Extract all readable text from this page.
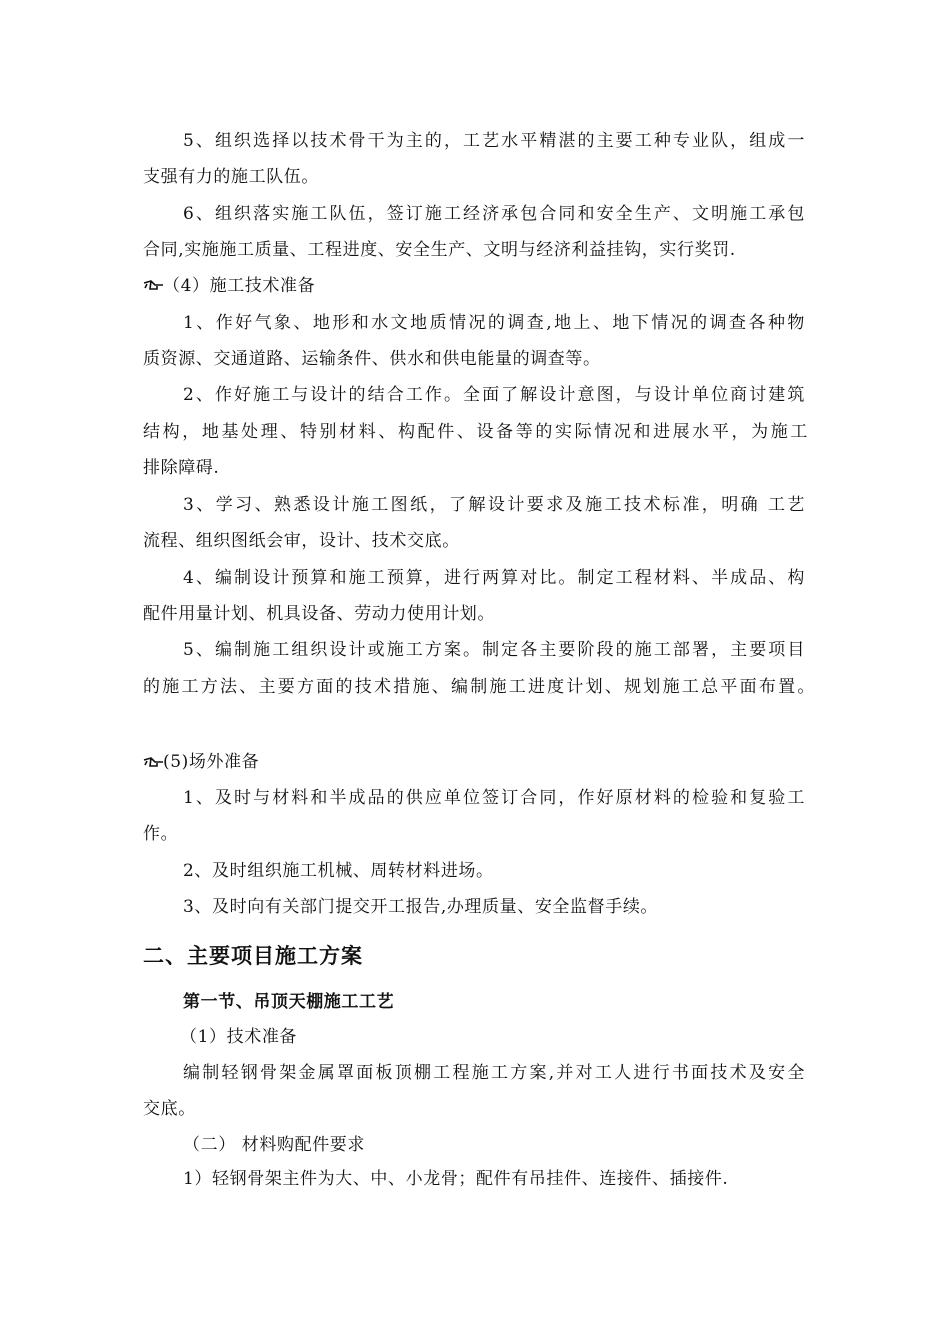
5、组织选择以技术骨干为主的，工艺水平精湛的主要工种专业队，组成一
支强有力的施工队伍。
6、组织落实施工队伍，签订施工经济承包合同和安全生产、文明施工承包
合同,实施施工质量、工程进度、安全生产、文明与经济利益挂钩，实行奖罚.
（4）施工技术准备
1、作好气象、地形和水文地质情况的调查,地上、地下情况的调查各种物
质资源、交通道路、运输条件、供水和供电能量的调查等。
2、作好施工与设计的结合工作。全面了解设计意图，与设计单位商讨建筑
结构，地基处理、特别材料、构配件、设备等的实际情况和进展水平，为施工
排除障碍.
3、学习、熟悉设计施工图纸，了解设计要求及施工技术标准，明确 工艺
流程、组织图纸会审，设计、技术交底。
4、编制设计预算和施工预算，进行两算对比。制定工程材料、半成品、构
配件用量计划、机具设备、劳动力使用计划。
5、编制施工组织设计或施工方案。制定各主要阶段的施工部署，主要项目
的施工方法、主要方面的技术措施、编制施工进度计划、规划施工总平面布置。
(5)场外准备
1、及时与材料和半成品的供应单位签订合同，作好原材料的检验和复验工
作。
2、及时组织施工机械、周转材料进场。
3、及时向有关部门提交开工报告,办理质量、安全监督手续。
二、主要项目施工方案
第一节、吊顶天棚施工工艺
（1）技术准备
编制轻钢骨架金属罩面板顶棚工程施工方案,并对工人进行书面技术及安全
交底。
（二） 材料购配件要求
1）轻钢骨架主件为大、中、小龙骨；配件有吊挂件、连接件、插接件.
